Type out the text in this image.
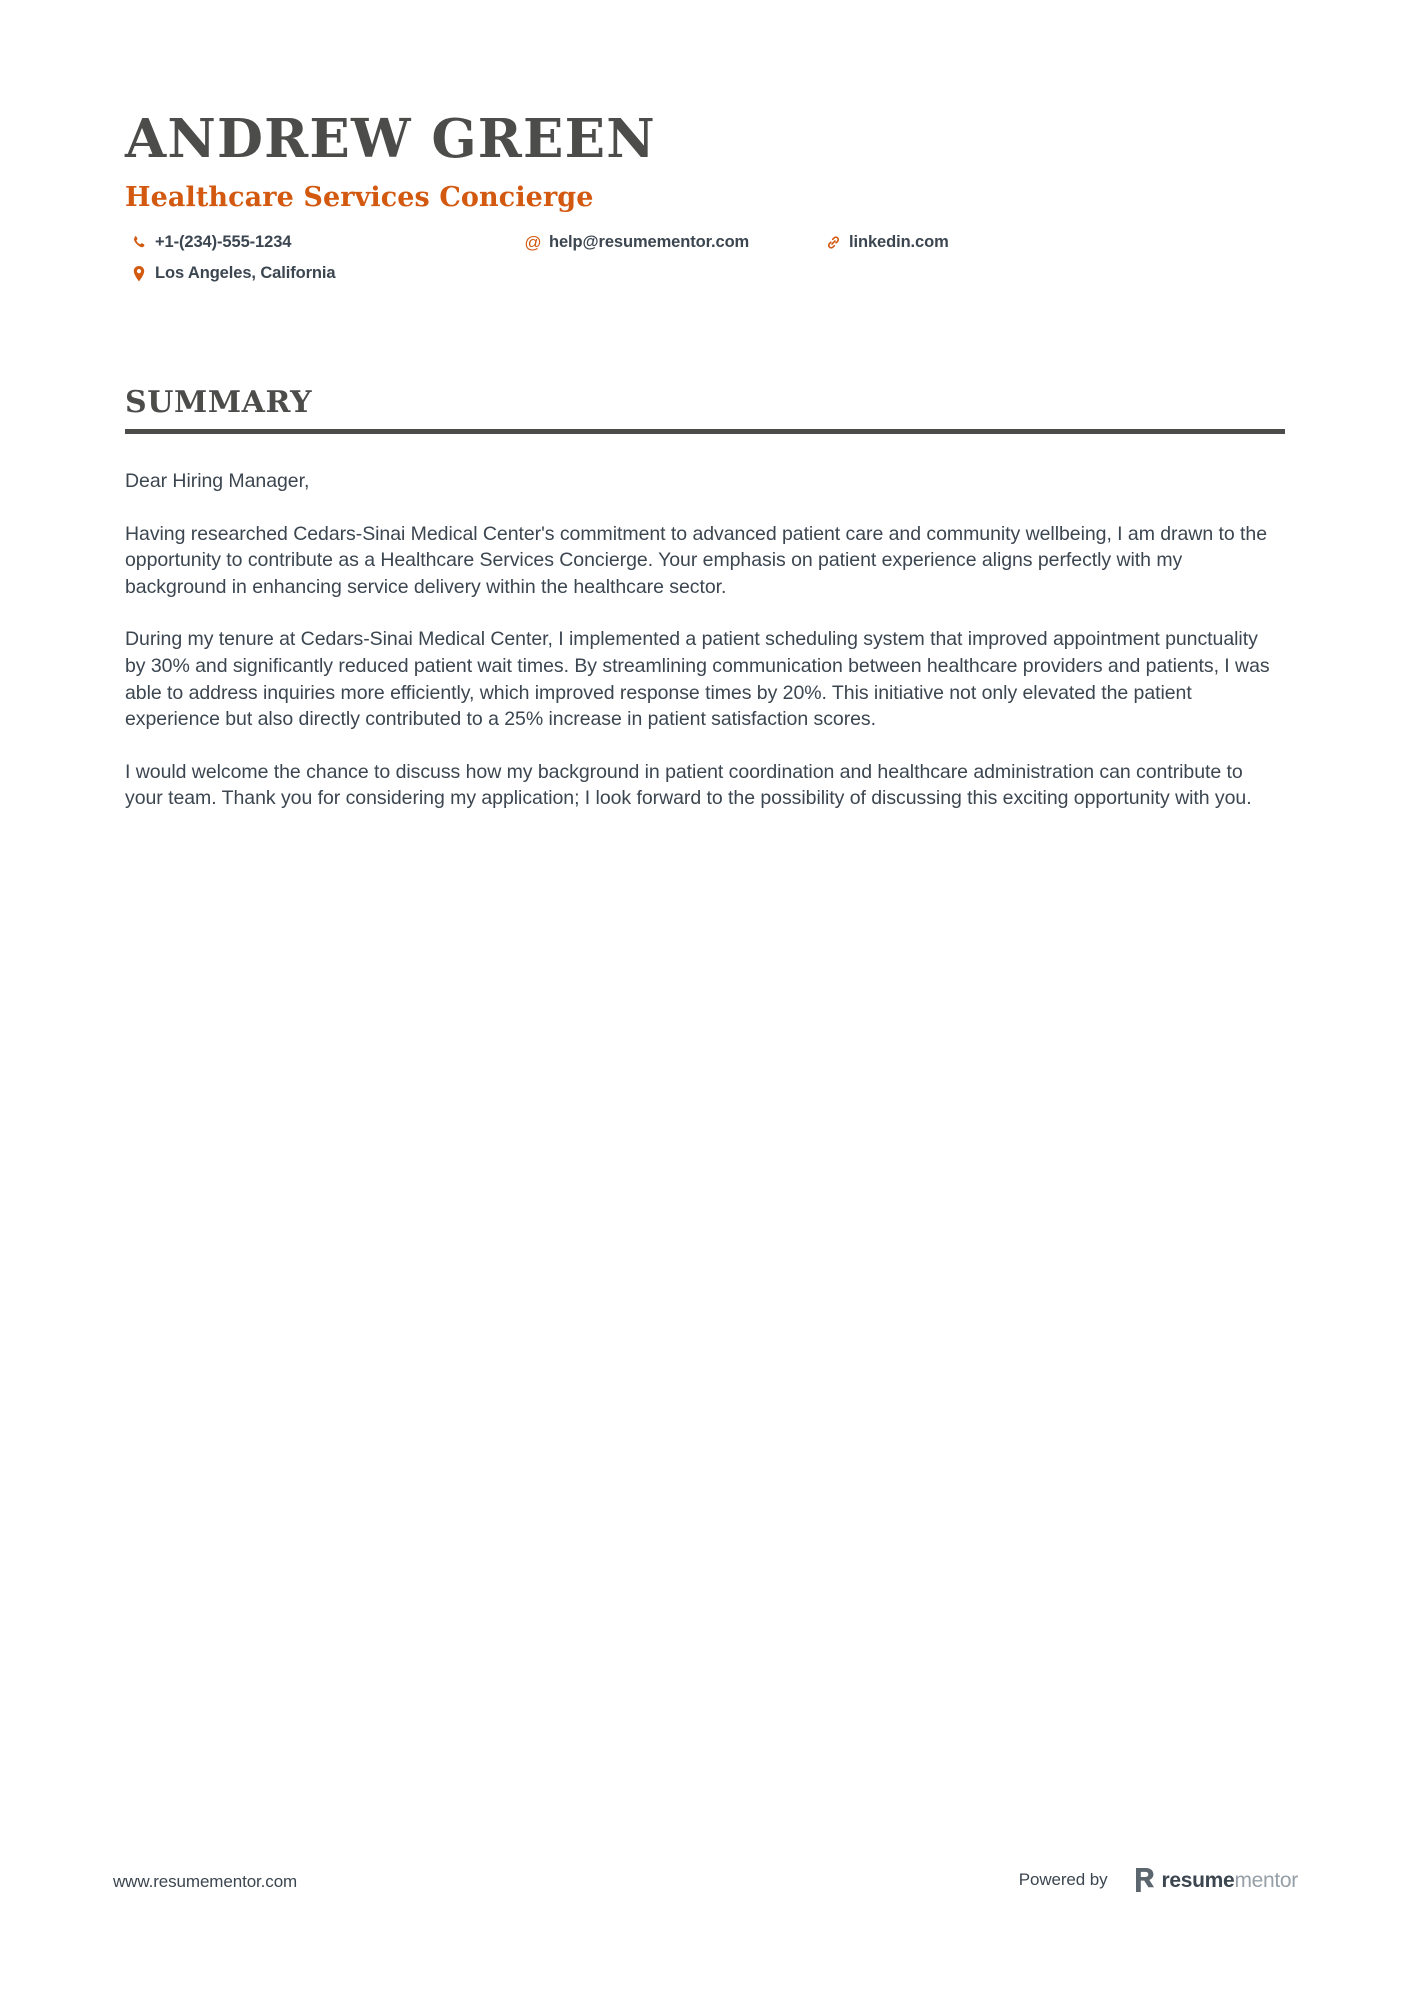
ANDREW GREEN
Healthcare Services Concierge
+1-(234)-555-1234	@ help@resumementor.com	linkedin.com
Los Angeles, California
SUMMARY

Dear Hiring Manager,

Having researched Cedars-Sinai Medical Center's commitment to advanced patient care and community wellbeing, I am drawn to the opportunity to contribute as a Healthcare Services Concierge. Your emphasis on patient experience aligns perfectly with my background in enhancing service delivery within the healthcare sector.

During my tenure at Cedars-Sinai Medical Center, I implemented a patient scheduling system that improved appointment punctuality by 30% and significantly reduced patient wait times. By streamlining communication between healthcare providers and patients, I was able to address inquiries more efficiently, which improved response times by 20%. This initiative not only elevated the patient experience but also directly contributed to a 25% increase in patient satisfaction scores.

I would welcome the chance to discuss how my background in patient coordination and healthcare administration can contribute to your team. Thank you for considering my application; I look forward to the possibility of discussing this exciting opportunity with you.

www.resumementor.com	Powered by	resumementor
